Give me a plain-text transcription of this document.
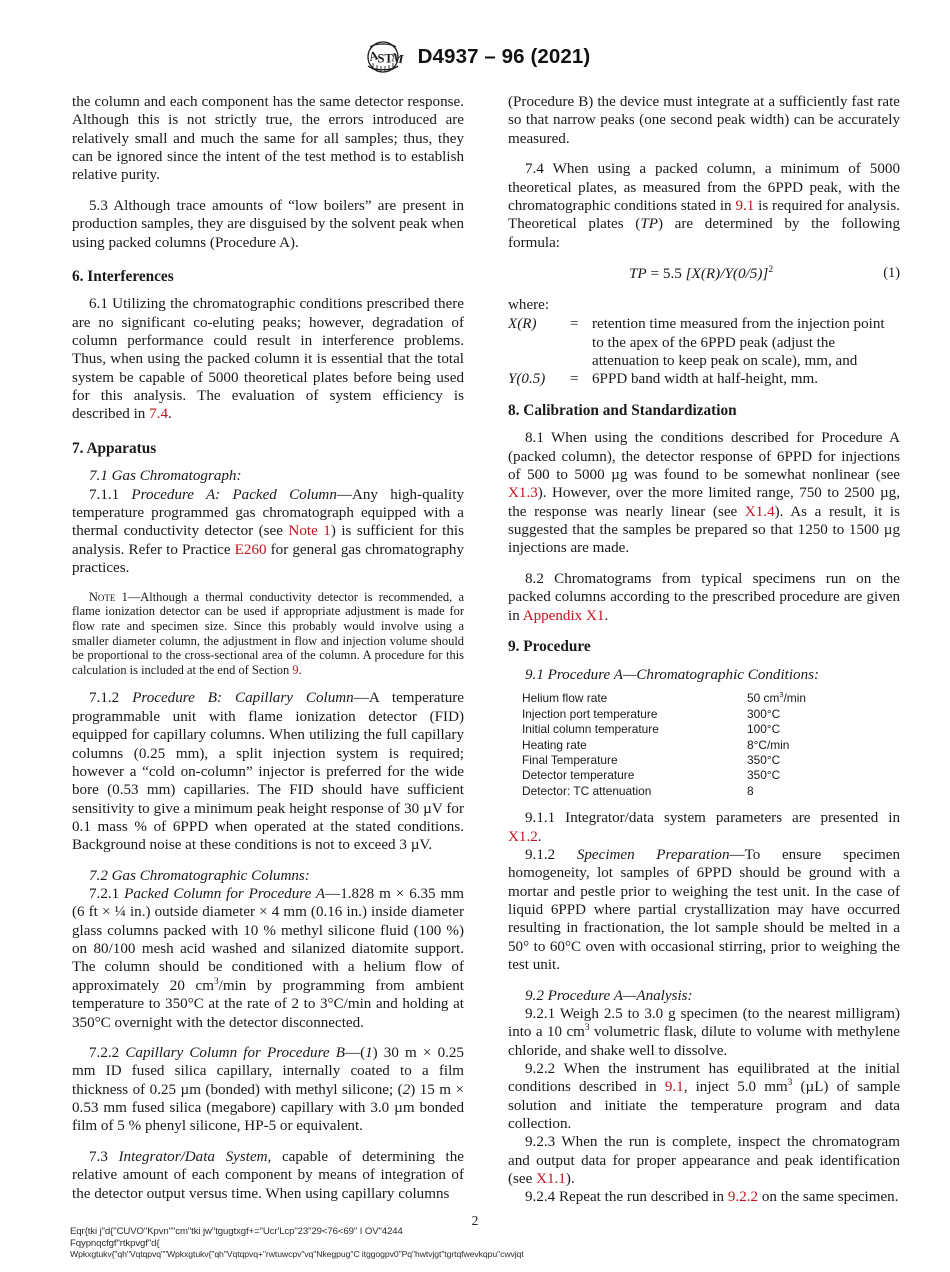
A
S T
M D4937 – 96 (2021)

the column and each component has the same detector response. Although this is not strictly true, the errors introduced are relatively small and much the same for all samples; thus, they can be ignored since the intent of the test method is to establish relative purity.

5.3 Although trace amounts of “low boilers” are present in production samples, they are disguised by the solvent peak when using packed columns (Procedure A).

6. Interferences

6.1 Utilizing the chromatographic conditions prescribed there are no significant co-eluting peaks; however, degradation of column performance could result in interference problems. Thus, when using the packed column it is essential that the total system be capable of 5000 theoretical plates before being used for this analysis. The evaluation of system efficiency is described in 7.4.

7. Apparatus

7.1 Gas Chromatograph:

7.1.1 Procedure A: Packed Column—Any high-quality temperature programmed gas chromatograph equipped with a thermal conductivity detector (see Note 1) is sufficient for this analysis. Refer to Practice E260 for general gas chromatography practices.

Note 1—Although a thermal conductivity detector is recommended, a flame ionization detector can be used if appropriate adjustment is made for flow rate and specimen size. Since this probably would involve using a smaller diameter column, the adjustment in flow and injection volume should be proportional to the cross-sectional area of the column. A procedure for this calculation is included at the end of Section 9.

7.1.2 Procedure B: Capillary Column—A temperature programmable unit with flame ionization detector (FID) equipped for capillary columns. When utilizing the full capillary columns (0.25 mm), a split injection system is required; however a “cold on-column” injector is preferred for the wide bore (0.53 mm) capillaries. The FID should have sufficient sensitivity to give a minimum peak height response of 30 µV for 0.1 mass % of 6PPD when operated at the stated conditions. Background noise at these conditions is not to exceed 3 µV.

7.2 Gas Chromatographic Columns:

7.2.1 Packed Column for Procedure A—1.828 m × 6.35 mm (6 ft × ¼ in.) outside diameter × 4 mm (0.16 in.) inside diameter glass columns packed with 10 % methyl silicone fluid (100 %) on 80/100 mesh acid washed and silanized diatomite support. The column should be conditioned with a helium flow of approximately 20 $cm^3/\min$ by programming from ambient temperature to 350°C at the rate of 2 to 3°C/min and holding at 350°C overnight with the detector disconnected.

7.2.2 Capillary Column for Procedure B—(1) 30 m × 0.25 mm ID fused silica capillary, internally coated to a film thickness of 0.25 µm (bonded) with methyl silicone; (2) 15 m × 0.53 mm fused silica (megabore) capillary with 3.0 µm bonded film of 5 % phenyl silicone, HP-5 or equivalent.

7.3 Integrator/Data System, capable of determining the relative amount of each component by means of integration of the detector output versus time. When using capillary columns

(Procedure B) the device must integrate at a sufficiently fast rate so that narrow peaks (one second peak width) can be accurately measured.

7.4 When using a packed column, a minimum of 5000 theoretical plates, as measured from the 6PPD peak, with the chromatographic conditions stated in 9.1 is required for analysis. Theoretical plates (TP) are determined by the following formula:

TP = 5.5 $[X(R)/Y(0/5)]^2$	(1)

where:

X(R)	=	retention time measured from the injection point to the apex of the 6PPD peak (adjust the attenuation to keep peak on scale), mm, and
Y(0.5)	=	6PPD band width at half-height, mm.
8. Calibration and Standardization

8.1 When using the conditions described for Procedure A (packed column), the detector response of 6PPD for injections of 500 to 5000 µg was found to be somewhat nonlinear (see X1.3). However, over the more limited range, 750 to 2500 µg, the response was nearly linear (see X1.4). As a result, it is suggested that the samples be prepared so that 1250 to 1500 µg injections are made.

8.2 Chromatograms from typical specimens run on the packed columns according to the prescribed procedure are given in Appendix X1.

9. Procedure

9.1 Procedure A—Chromatographic Conditions:

Helium flow rate	50 $cm^3/\min$
Injection port temperature	300°C
Initial column temperature	100°C
Heating rate	8°C/min
Final Temperature	350°C
Detector temperature	350°C
Detector: TC attenuation	8

9.1.1 Integrator/data system parameters are presented in X1.2.

9.1.2 Specimen Preparation—To ensure specimen homogeneity, lot samples of 6PPD should be ground with a mortar and pestle prior to weighing the test unit. In the case of liquid 6PPD where partial crystallization may have occurred resulting in fractionation, the lot sample should be melted in a 50° to 60°C oven with occasional stirring, prior to weighing the test unit.

9.2 Procedure A—Analysis:

9.2.1 Weigh 2.5 to 3.0 g specimen (to the nearest milligram) into a 10 $cm^3$ volumetric flask, dilute to volume with methylene chloride, and shake well to dissolve.

9.2.2 When the instrument has equilibrated at the initial conditions described in 9.1, inject 5.0 $mm^3$ (µL) of sample solution and initiate the temperature program and data collection.

9.2.3 When the run is complete, inspect the chromatogram and output data for proper appearance and peak identification (see X1.1).

9.2.4 Repeat the run described in 9.2.2 on the same specimen.

2
Eqr{tki j"d{"CUVO"Kpvn""cm"tki jw"tgugtxgf+="Ucr'Lcp"23"29<76<69" I OV"4244
Fqypnqcfgf"rtkpvgf"d{
Wpkxgtukv{"qh"Vqtqpvq""Wpkxgtukv{"qh"Vqtqpvq+"rwtuwcpv"vq"Nkegpug"C itggogpv0"Pq"hwtvjgt"tgrtqfwevkqpu"cwvjqt
